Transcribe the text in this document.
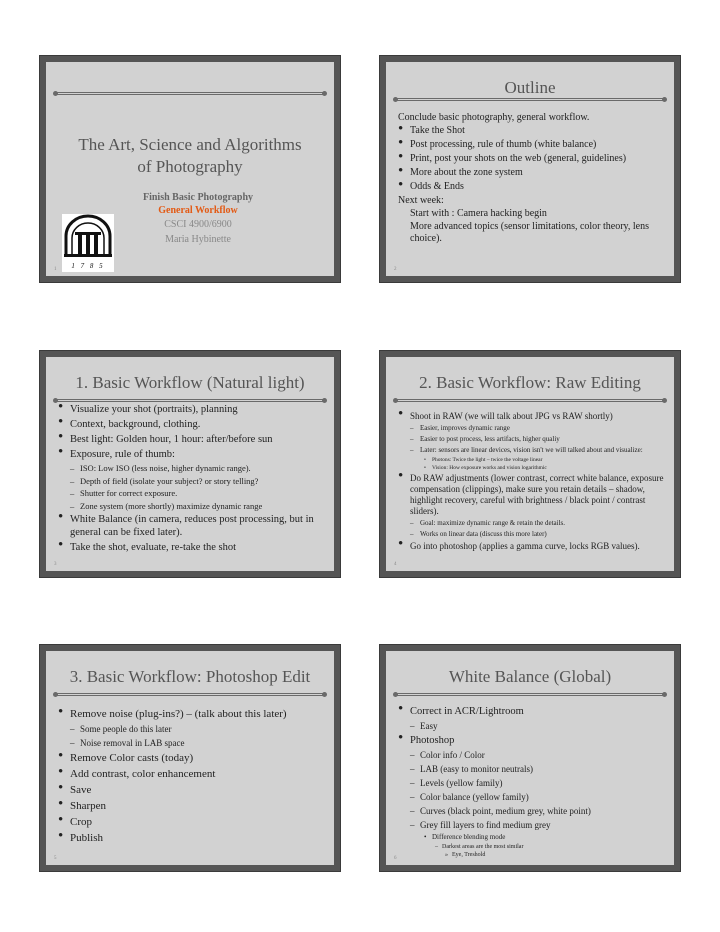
The Art, Science and Algorithms
of Photography
Finish Basic Photography
General Workflow
CSCI 4900/6900
Maria Hybinette
1 7 8 5
1
Outline
Conclude basic photography, general workflow.
• Take the Shot
• Post processing, rule of thumb (white balance)
• Print, post your shots on the web (general, guidelines)
• More about the zone system
• Odds & Ends
Next week:
Start with : Camera hacking begin
More advanced topics (sensor limitations, color theory, lens choice).
2
1. Basic Workflow (Natural light)
• Visualize your shot (portraits), planning
• Context, background, clothing.
• Best light: Golden hour, 1 hour: after/before sun
• Exposure, rule of thumb:
– ISO: Low ISO (less noise, higher dynamic range).
– Depth of field (isolate your subject? or story telling?
– Shutter for correct exposure.
– Zone system (more shortly) maximize dynamic range
• White Balance (in camera, reduces post processing, but in general can be fixed later).
• Take the shot, evaluate, re-take the shot
3
2. Basic Workflow: Raw Editing
• Shoot in RAW (we will talk about JPG vs RAW shortly)
– Easier, improves dynamic range
– Easier to post process, less artifacts, higher qualiy
– Later: sensors are linear devices, vision isn't we will talked about and visualize:
• Photons: Twice the light – twice the voltage linear
• Vision: How exposure works and vision logarithmic
• Do RAW adjustments (lower contrast, correct white balance, exposure compensation (clippings), make sure you retain details – shadow, highlight recovery, careful with brightness / black point / contrast sliders).
– Goal: maximize dynamic range & retain the details.
– Works on linear data (discuss this more later)
• Go into photoshop (applies a gamma curve, locks RGB values).
4
3. Basic Workflow: Photoshop Edit
• Remove noise (plug-ins?) – (talk about this later)
– Some people do this later
– Noise removal in LAB space
• Remove Color casts (today)
• Add contrast, color enhancement
• Save
• Sharpen
• Crop
• Publish
5
White Balance (Global)
• Correct in ACR/Lightroom
– Easy
• Photoshop
– Color info / Color
– LAB (easy to monitor neutrals)
– Levels (yellow family)
– Color balance (yellow family)
– Curves (black point, medium grey, white point)
– Grey fill layers to find medium grey
• Difference blending mode
– Darkest areas are the most similar
» Eye, Treshold
6
